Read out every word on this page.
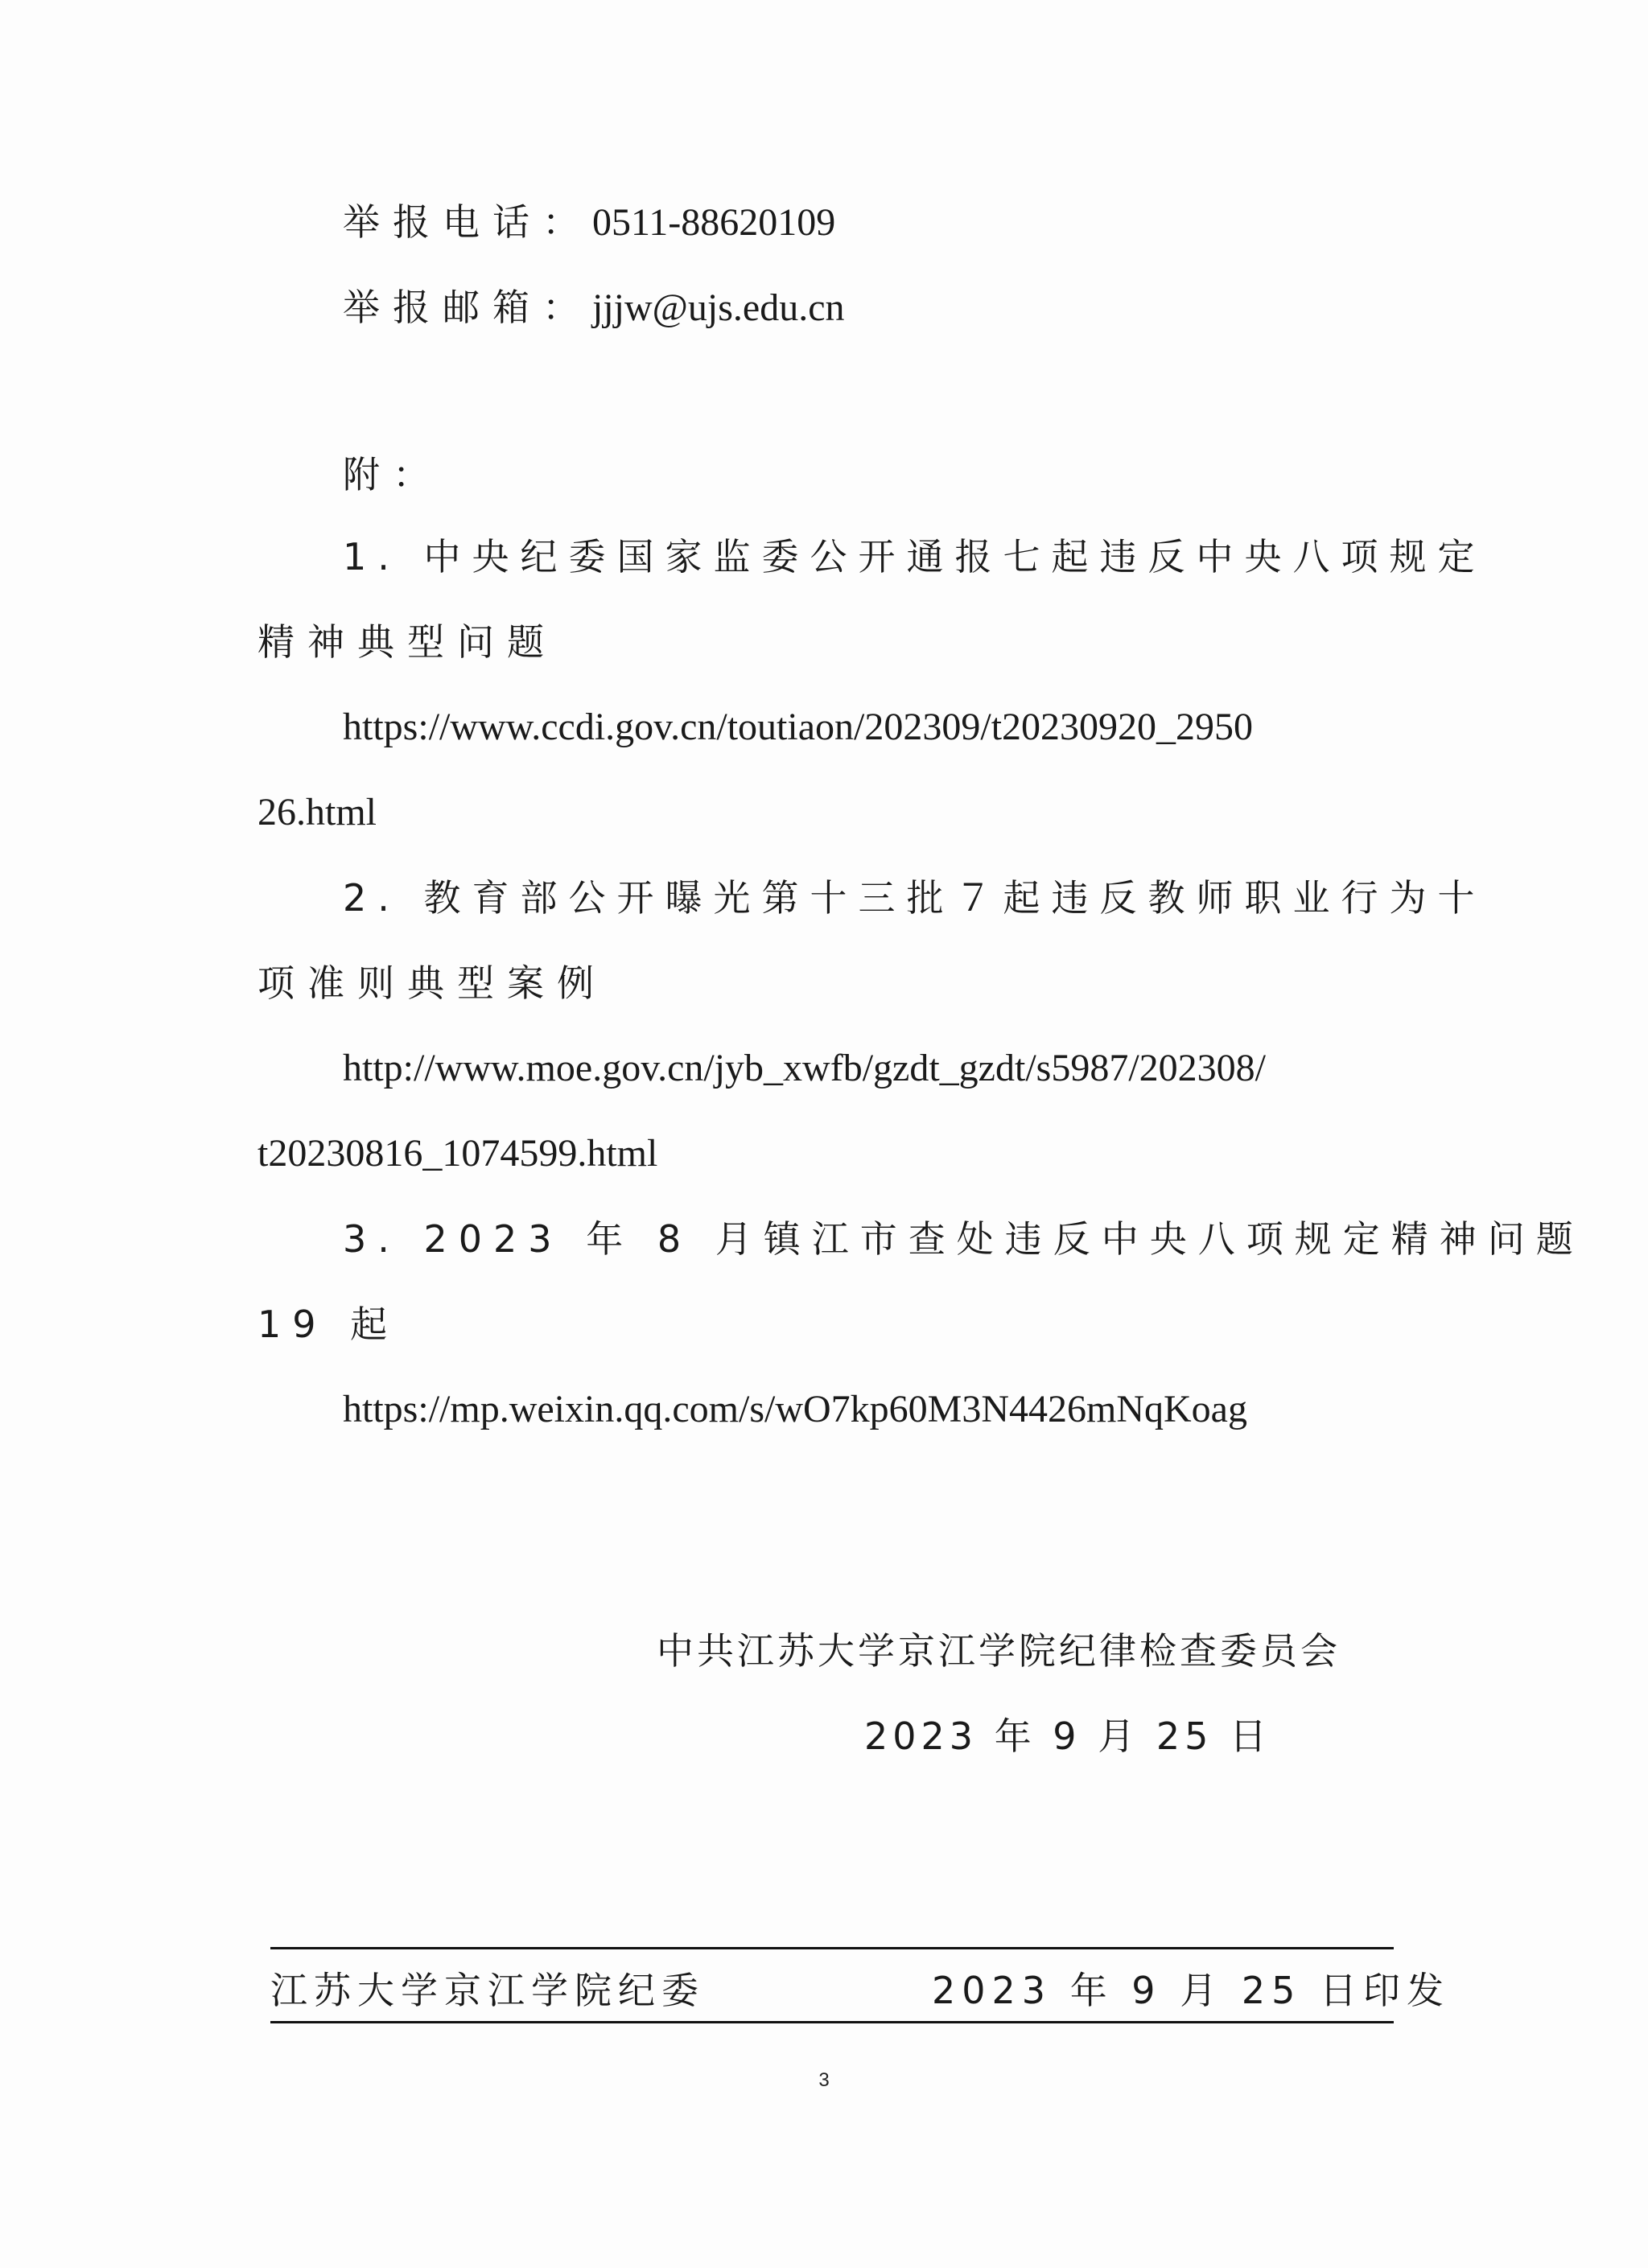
举报电话：0511-88620109
举报邮箱：jjjw@ujs.edu.cn
附：
1. 中央纪委国家监委公开通报七起违反中央八项规定
精神典型问题
https://www.ccdi.gov.cn/toutiaon/202309/t20230920_2950
26.html
2. 教育部公开曝光第十三批７起违反教师职业行为十
项准则典型案例
http://www.moe.gov.cn/jyb_xwfb/gzdt_gzdt/s5987/202308/
t20230816_1074599.html
3. 2023 年 8 月镇江市查处违反中央八项规定精神问题
19 起
https://mp.weixin.qq.com/s/wO7kp60M3N4426mNqKoag
中共江苏大学京江学院纪律检查委员会
2023 年 9 月 25 日
江苏大学京江学院纪委	2023 年 9 月 25 日印发
3
